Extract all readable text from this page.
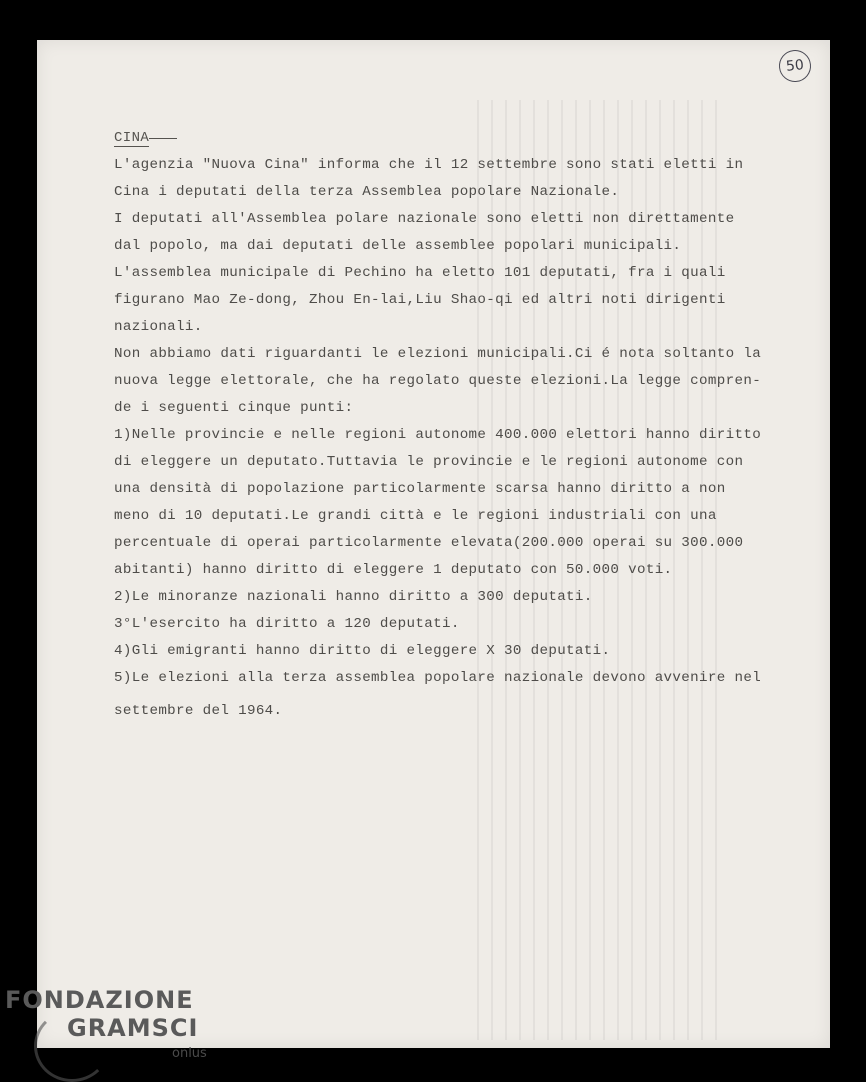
50
CINA
L'agenzia "Nuova Cina" informa che il 12 settembre sono stati eletti in
Cina i deputati della terza Assemblea popolare Nazionale.
I deputati all'Assemblea polare nazionale sono eletti non direttamente
dal popolo, ma dai deputati delle assemblee popolari municipali.
L'assemblea municipale di Pechino ha eletto 101 deputati, fra i quali
figurano Mao Ze-dong, Zhou En-lai,Liu Shao-qi ed altri noti dirigenti
nazionali.
Non abbiamo dati riguardanti le elezioni municipali.Ci é nota soltanto la
nuova legge elettorale, che ha regolato queste elezioni.La legge compren-
de i seguenti cinque punti:
1)Nelle provincie e nelle regioni autonome 400.000 elettori hanno diritto
di eleggere un deputato.Tuttavia le provincie e le regioni autonome con
una densità di popolazione particolarmente scarsa hanno diritto a non
meno di 10 deputati.Le grandi città e le regioni industriali con una
percentuale di operai particolarmente elevata(200.000 operai su 300.000
abitanti) hanno diritto di eleggere 1 deputato con 50.000 voti.
2)Le minoranze nazionali hanno diritto a 300 deputati.
3°L'esercito ha diritto a 120 deputati.
4)Gli emigranti hanno diritto di eleggere X 30 deputati.
5)Le elezioni alla terza assemblea popolare nazionale devono avvenire nel
settembre del 1964.
FONDAZIONE
GRAMSCI
onlus
